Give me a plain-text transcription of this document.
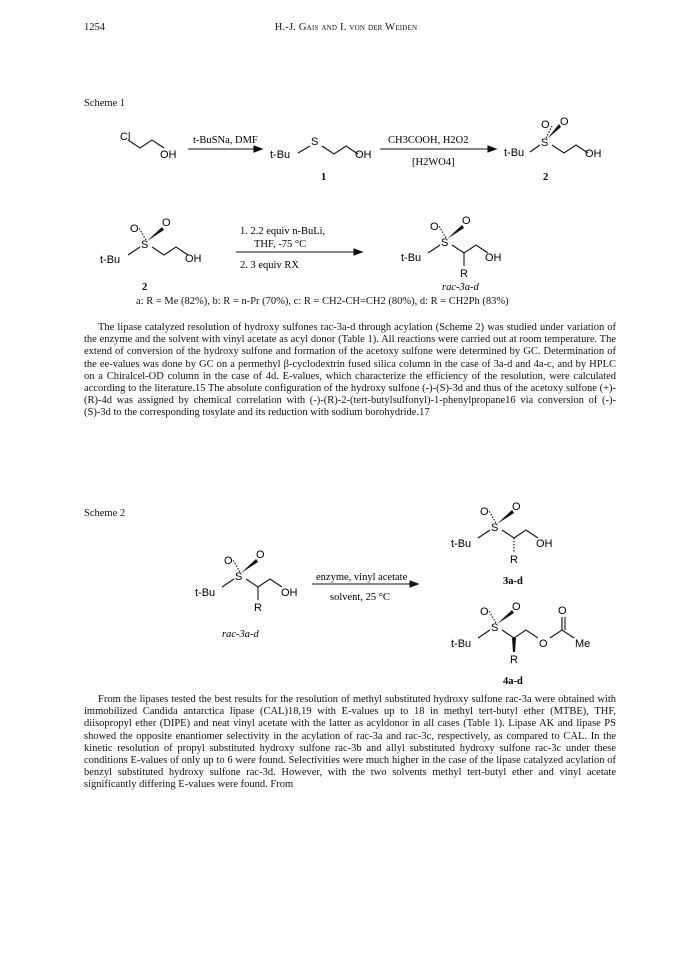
1254	H.-J. Gais and I. von der Weiden
Scheme 1
Cl
OH
t-BuSNa, DMF
t-Bu
S
OH
1
CH3COOH, H2O2
[H2WO4]
t-Bu
S
OH
O O
2
t-Bu
S
OH
O O
2
1. 2.2 equiv n-BuLi,
THF, -75 °C
2. 3 equiv RX
t-Bu
S
OH
R
O O
rac-3a-d
a: R = Me (82%), b: R = n-Pr (70%), c: R = CH2-CH=CH2 (80%), d: R = CH2Ph (83%)

The lipase catalyzed resolution of hydroxy sulfones rac-3a-d through acylation (Scheme 2) was studied under variation of the enzyme and the solvent with vinyl acetate as acyl donor (Table 1). All reactions were carried out at room temperature. The extend of conversion of the hydroxy sulfone and formation of the acetoxy sulfone were determined by GC. Determination of the ee-values was done by GC on a permethyl β-cyclodextrin fused silica column in the case of 3a-d and 4a-c, and by HPLC on a Chiralcel-OD column in the case of 4d. E-values, which characterize the efficiency of the resolution, were calculated according to the literature.15 The absolute configuration of the hydroxy sulfone (-)-(S)-3d and thus of the acetoxy sulfone (+)-(R)-4d was assigned by chemical correlation with (-)-(R)-2-(tert-butylsulfonyl)-1-phenylpropane16 via conversion of (-)-(S)-3d to the corresponding tosylate and its reduction with sodium borohydride.17

Scheme 2
t-Bu
S
OH
R
O O
rac-3a-d
enzyme, vinyl acetate
solvent, 25 °C
t-Bu
S
OH
R
O O
3a-d
t-Bu
S
O
O
Me
R
O O
4a-d

From the lipases tested the best results for the resolution of methyl substituted hydroxy sulfone rac-3a were obtained with immobilized Candida antarctica lipase (CAL)18,19 with E-values up to 18 in methyl tert-butyl ether (MTBE), THF, diisopropyl ether (DIPE) and neat vinyl acetate with the latter as acyldonor in all cases (Table 1). Lipase AK and lipase PS showed the opposite enantiomer selectivity in the acylation of rac-3a and rac-3c, respectively, as compared to CAL. In the kinetic resolution of propyl substituted hydroxy sulfone rac-3b and allyl substituted hydroxy sulfone rac-3c under these conditions E-values of only up to 6 were found. Selectivities were much higher in the case of the lipase catalyzed acylation of benzyl substituted hydroxy sulfone rac-3d. However, with the two solvents methyl tert-butyl ether and vinyl acetate significantly differing E-values were found. From
